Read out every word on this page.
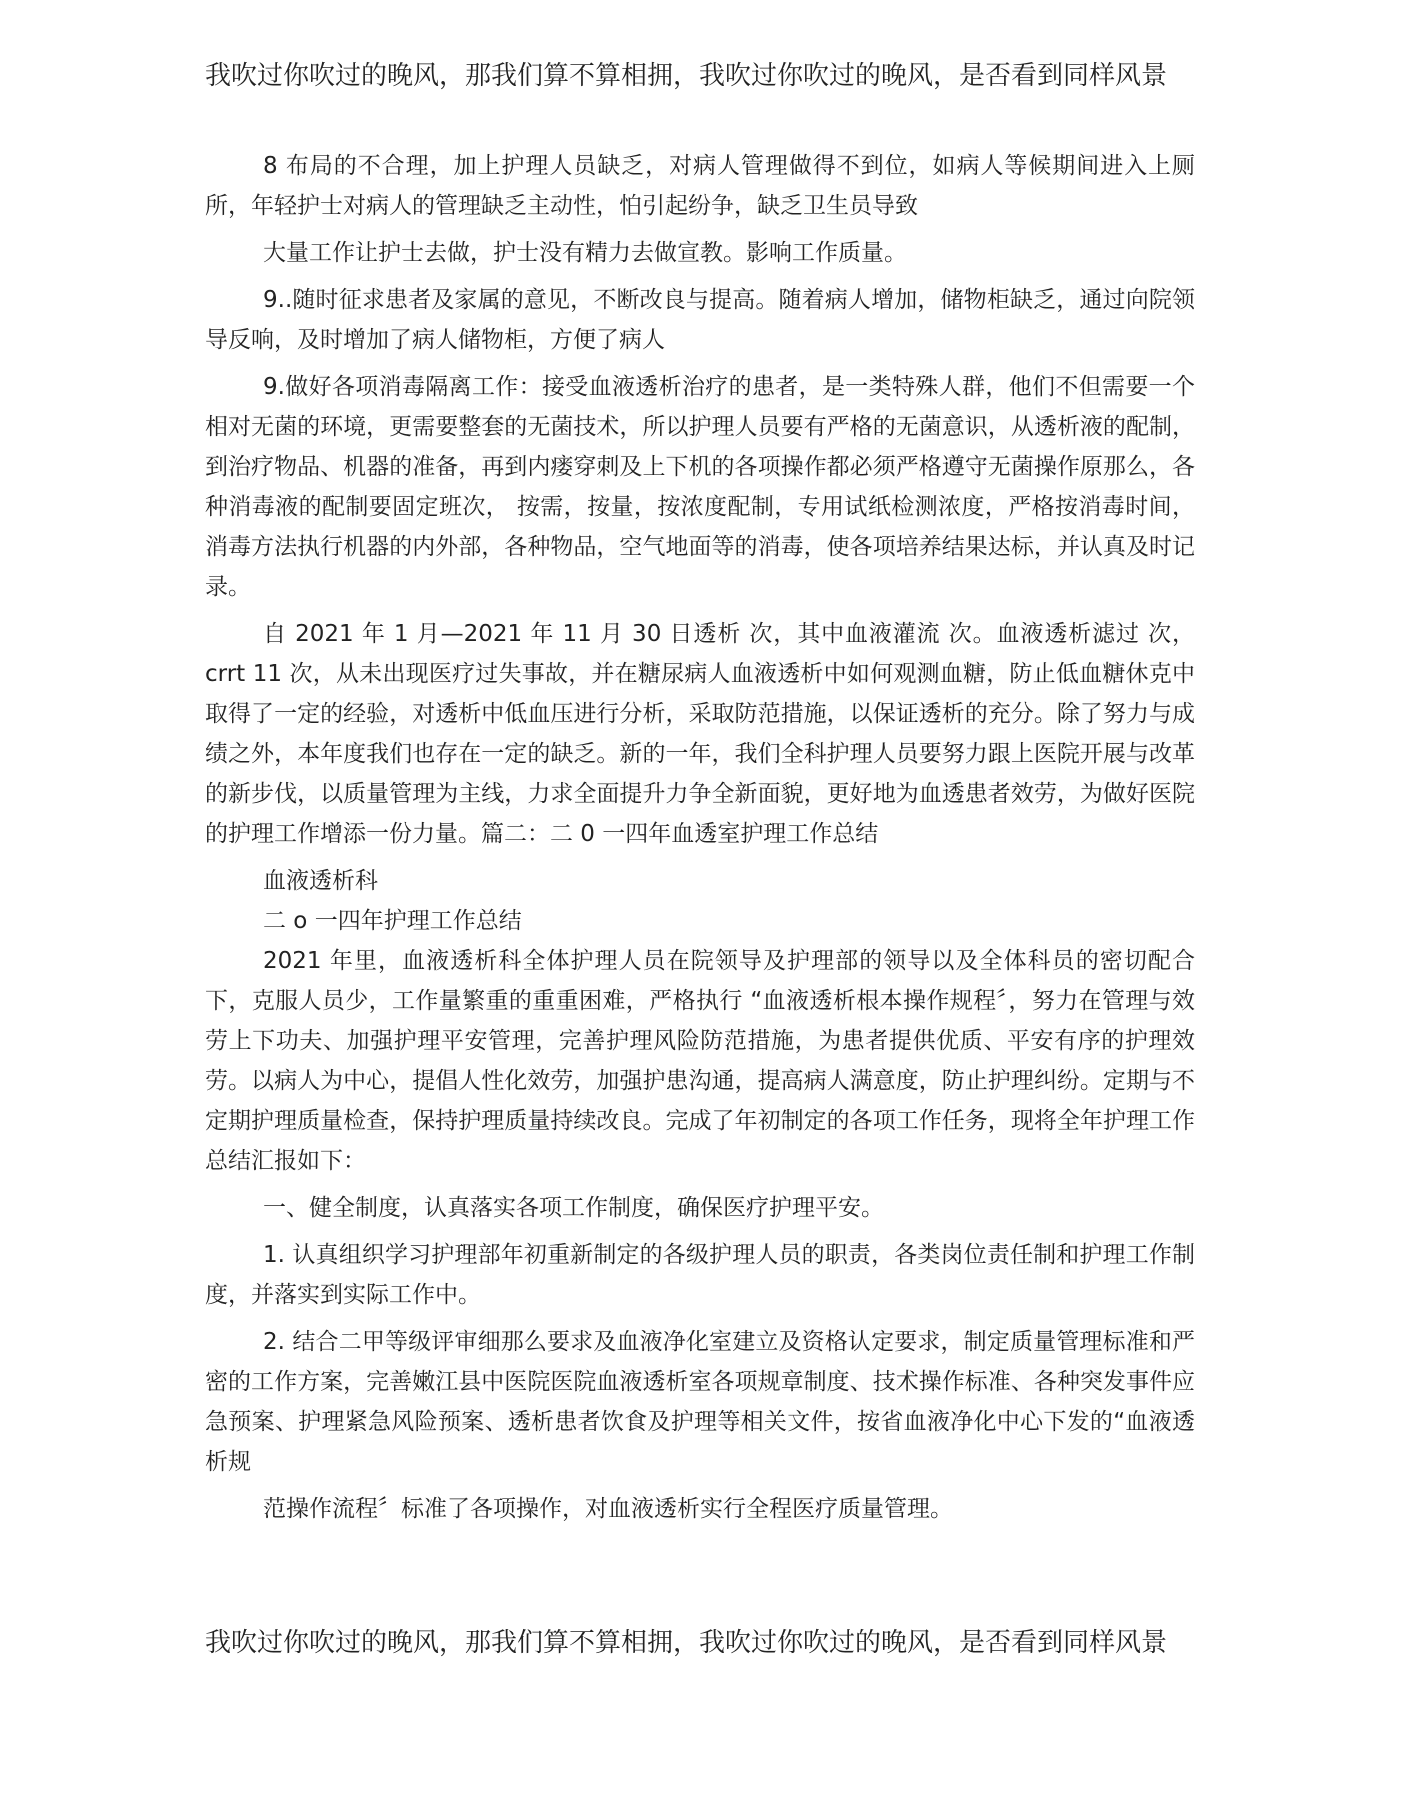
我吹过你吹过的晚风，那我们算不算相拥，我吹过你吹过的晚风，是否看到同样风景

8 布局的不合理，加上护理人员缺乏，对病人管理做得不到位，如病人等候期间进入上厕所，年轻护士对病人的管理缺乏主动性，怕引起纷争，缺乏卫生员导致

大量工作让护士去做，护士没有精力去做宣教。影响工作质量。

9..随时征求患者及家属的意见，不断改良与提高。随着病人增加，储物柜缺乏，通过向院领导反响，及时增加了病人储物柜，方便了病人

9.做好各项消毒隔离工作：接受血液透析治疗的患者，是一类特殊人群，他们不但需要一个相对无菌的环境，更需要整套的无菌技术，所以护理人员要有严格的无菌意识，从透析液的配制，到治疗物品、机器的准备，再到内瘘穿刺及上下机的各项操作都必须严格遵守无菌操作原那么，各种消毒液的配制要固定班次， 按需，按量，按浓度配制，专用试纸检测浓度，严格按消毒时间，消毒方法执行机器的内外部，各种物品，空气地面等的消毒，使各项培养结果达标，并认真及时记录。

自 2021 年 1 月—2021 年 11 月 30 日透析 次，其中血液灌流 次。血液透析滤过 次，crrt 11 次，从未出现医疗过失事故，并在糖尿病人血液透析中如何观测血糖，防止低血糖休克中取得了一定的经验，对透析中低血压进行分析，采取防范措施，以保证透析的充分。除了努力与成绩之外，本年度我们也存在一定的缺乏。新的一年，我们全科护理人员要努力跟上医院开展与改革的新步伐，以质量管理为主线，力求全面提升力争全新面貌，更好地为血透患者效劳，为做好医院的护理工作增添一份力量。篇二：二 0 一四年血透室护理工作总结

血液透析科

二 o 一四年护理工作总结

2021 年里，血液透析科全体护理人员在院领导及护理部的领导以及全体科员的密切配合下，克服人员少，工作量繁重的重重困难，严格执行 “血液透析根本操作规程〞，努力在管理与效劳上下功夫、加强护理平安管理，完善护理风险防范措施，为患者提供优质、平安有序的护理效劳。以病人为中心，提倡人性化效劳，加强护患沟通，提高病人满意度，防止护理纠纷。定期与不定期护理质量检查，保持护理质量持续改良。完成了年初制定的各项工作任务，现将全年护理工作总结汇报如下：

一、健全制度，认真落实各项工作制度，确保医疗护理平安。

1. 认真组织学习护理部年初重新制定的各级护理人员的职责，各类岗位责任制和护理工作制度，并落实到实际工作中。

2. 结合二甲等级评审细那么要求及血液净化室建立及资格认定要求，制定质量管理标准和严密的工作方案，完善嫩江县中医院医院血液透析室各项规章制度、技术操作标准、各种突发事件应急预案、护理紧急风险预案、透析患者饮食及护理等相关文件，按省血液净化中心下发的“血液透析规

范操作流程〞标准了各项操作，对血液透析实行全程医疗质量管理。

我吹过你吹过的晚风，那我们算不算相拥，我吹过你吹过的晚风，是否看到同样风景
